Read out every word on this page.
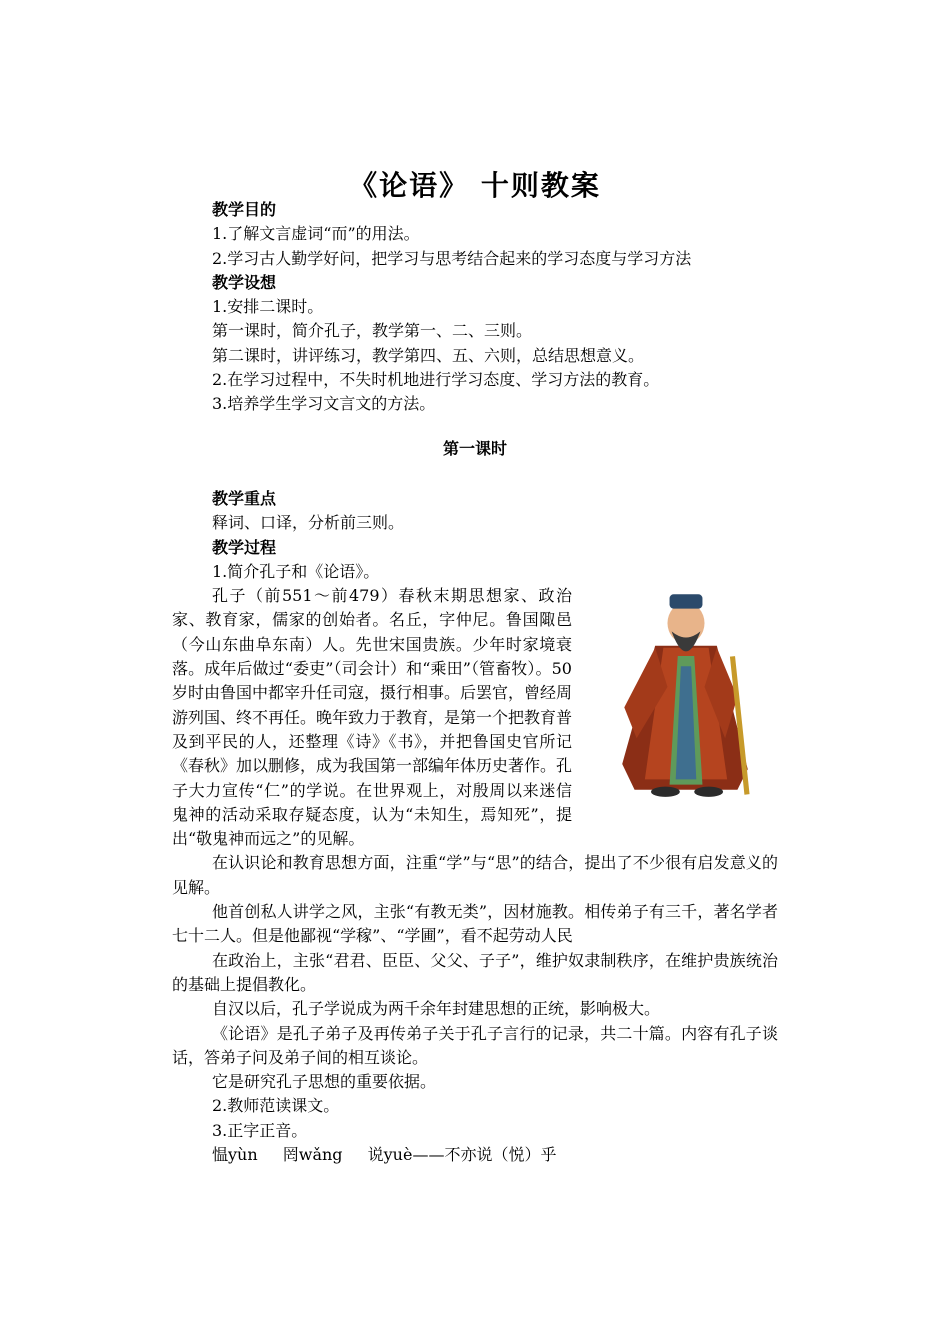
《论语》 十则教案

教学目的

1.了解文言虚词“而”的用法。

2.学习古人勤学好问，把学习与思考结合起来的学习态度与学习方法

教学设想

1.安排二课时。

第一课时，简介孔子，教学第一、二、三则。

第二课时，讲评练习，教学第四、五、六则，总结思想意义。

2.在学习过程中，不失时机地进行学习态度、学习方法的教育。

3.培养学生学习文言文的方法。

第一课时

教学重点

释词、口译，分析前三则。

教学过程

1.简介孔子和《论语》。

孔子（前551～前479）春秋末期思想家、政治家、教育家，儒家的创始者。名丘，字仲尼。鲁国陬邑（今山东曲阜东南）人。先世宋国贵族。少年时家境衰落。成年后做过“委吏”（司会计）和“乘田”（管畜牧）。50岁时由鲁国中都宰升任司寇，摄行相事。后罢官，曾经周游列国、终不再任。晚年致力于教育，是第一个把教育普及到平民的人，还整理《诗》《书》，并把鲁国史官所记《春秋》加以删修，成为我国第一部编年体历史著作。孔子大力宣传“仁”的学说。在世界观上，对殷周以来迷信鬼神的活动采取存疑态度，认为“未知生，焉知死”，提出“敬鬼神而远之”的见解。

在认识论和教育思想方面，注重“学”与“思”的结合，提出了不少很有启发意义的见解。

他首创私人讲学之风，主张“有教无类”，因材施教。相传弟子有三千，著名学者七十二人。但是他鄙视“学稼”、“学圃”，看不起劳动人民

在政治上，主张“君君、臣臣、父父、子子”，维护奴隶制秩序，在维护贵族统治的基础上提倡教化。

自汉以后，孔子学说成为两千余年封建思想的正统，影响极大。

《论语》是孔子弟子及再传弟子关于孔子言行的记录，共二十篇。内容有孔子谈话，答弟子问及弟子间的相互谈论。

它是研究孔子思想的重要依据。

2.教师范读课文。

3.正字正音。

愠yùn 罔wǎng 说yuè——不亦说（悦）乎
